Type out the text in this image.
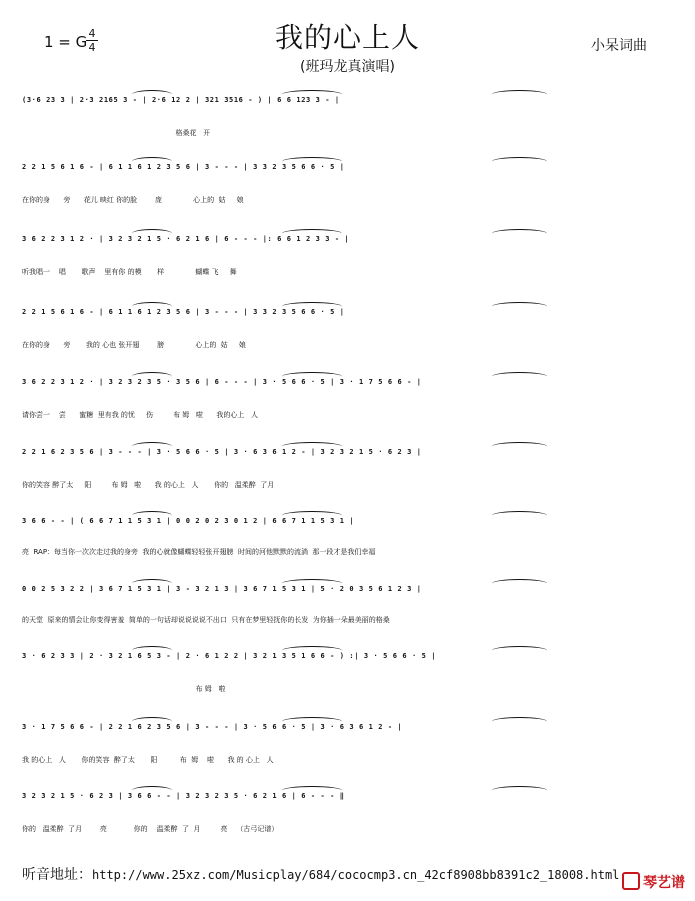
1 = G 4
4	我的心上人
(班玛龙真演唱)
小呆词曲
(3·6 23 3 | 2·3 2165 3 - | 2·6 12 2 | 321 3516 - ) | 6 6 123 3 - |
格桑花   开
2 2 1 5 6 1 6 - | 6 1 1 6 1 2 3 5 6 | 3 - - - | 3 3 2 3 5 6 6 · 5 |
在你的身      旁      花儿 映红 你的脸        庞              心上的  姑     娘
3 6 2 2 3 1 2 · | 3 2 3 2 1 5 · 6 2 1 6 | 6 - - - |: 6 6 1 2 3 3 - |
听我唱一    唱       歌声    里有你 的模       样              蝴蝶 飞     舞
2 2 1 5 6 1 6 - | 6 1 1 6 1 2 3 5 6 | 3 - - - | 3 3 2 3 5 6 6 · 5 |
在你的身      旁       我的 心也 张开翅        膀              心上的  姑     娘
3 6 2 2 3 1 2 · | 3 2 3 2 3 5 · 3 5 6 | 6 - - - | 3 · 5 6 6 · 5 | 3 · 1 7 5 6 6 - |
请你尝一    尝      蜜糖  里有我 的忧     伤         布 姆   啦      我的心上   人
2 2 1 6 2 3 5 6 | 3 - - - | 3 · 5 6 6 · 5 | 3 · 6 3 6 1 2 - | 3 2 3 2 1 5 · 6 2 3 |
你的笑容 醉了太     阳         布 姆   啦      我 的心上   人       你的   温柔醉  了月
3 6 6 - - | ( 6 6 7 1 1 5 3 1 | 0 0 2 0 2 3 0 1 2 | 6 6 7 1 1 5 3 1 |
亮  RAP：每当你一次次走过我的身旁  我的心就像蝴蝶轻轻张开翅膀  时间的河他默默的流淌  那一段才是我们幸福
0 0 2 5 3 2 2 | 3 6 7 1 5 3 1 | 3 - 3 2 1 3 | 3 6 7 1 5 3 1 | 5 · 2 0 3 5 6 1 2 3 |
的天堂  原来的情会让你变得害羞  简单的一句话却说说说说不出口  只有在梦里轻抚你的长发  为你插一朵最美丽的格桑
3 · 6 2 3 3 | 2 · 3 2 1 6 5 3 - | 2 · 6 1 2 2 | 3 2 1 3 5 1 6 6 - ) :| 3 · 5 6 6 · 5 |
布 姆   啦
3 · 1 7 5 6 6 - | 2 2 1 6 2 3 5 6 | 3 - - - | 3 · 5 6 6 · 5 | 3 · 6 3 6 1 2 - |
我 的心上   人       你的笑容  醉了太       阳          布  姆    啦      我 的 心上   人
3 2 3 2 1 5 · 6 2 3 | 3 6 6 - - | 3 2 3 2 3 5 · 6 2 1 6 | 6 - - - ‖
你的   温柔醉  了月        亮            你的    温柔醉  了  月         亮    （古弓记谱）
听音地址：http://www.25xz.com/Musicplay/684/cococmp3.cn_42cf8908bb8391c2_18008.html	琴艺谱
